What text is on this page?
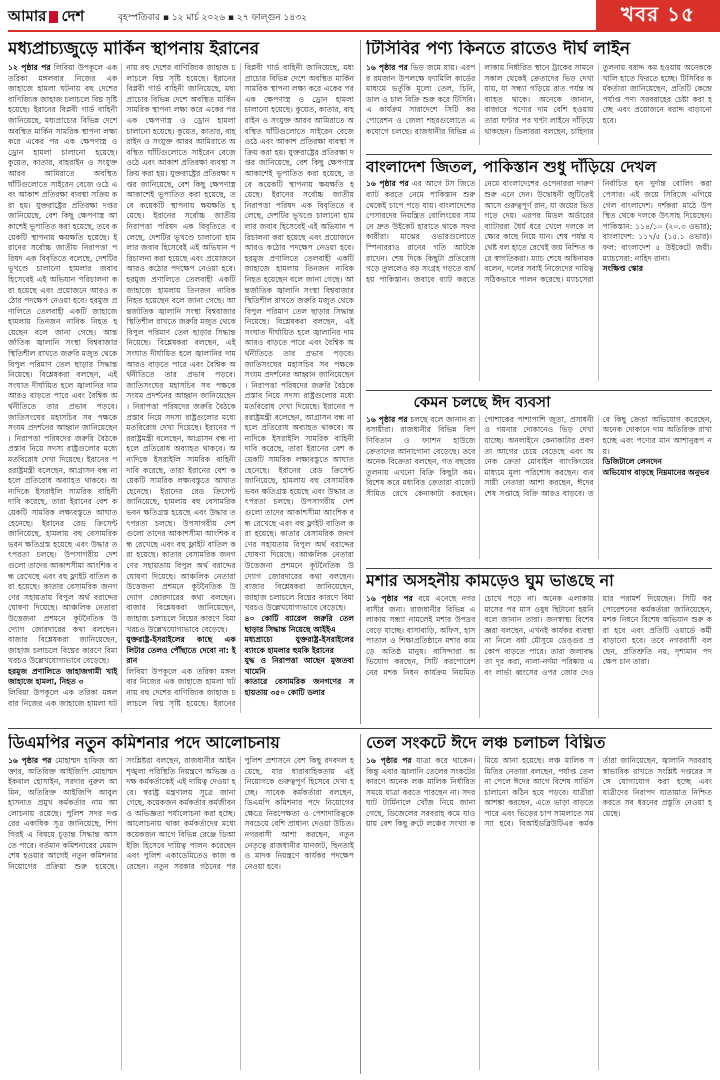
আমার দেশ	বৃহস্পতিবার ▪ ১২ মার্চ ২০২৬ ▪ ২৭ ফাল্গুন ১৪৩২	খবর ১৫
মধ্যপ্রাচ্যজুড়ে মার্কিন স্থাপনায় ইরানের
১২ পৃষ্ঠার পর লিবিয়া উপকূলে এক তরিকা মঙ্গলবার নিজের এক জাহাজে হামলা ঘটনায় বহু দেশের বাণিজ্যিক জাহাজ চলাচলে বিঘ্ন সৃষ্টি হয়েছে। ইরানের বিপ্লবী গার্ড বাহিনী জানিয়েছে, মধ্যপ্রাচ্যের বিভিন্ন দেশে অবস্থিত মার্কিন সামরিক স্থাপনা লক্ষ্য করে একের পর এক ক্ষেপণাস্ত্র ও ড্রোন হামলা চালানো হয়েছে। কুয়েত, কাতার, বাহরাইন ও সংযুক্ত আরব আমিরাতে অবস্থিত ঘাঁটিগুলোতে সাইরেন বেজে ওঠে এবং আকাশ প্রতিরক্ষা ব্যবস্থা সক্রিয় করা হয়। যুক্তরাষ্ট্রের প্রতিরক্ষা দপ্তর জানিয়েছে, বেশ কিছু ক্ষেপণাস্ত্র আকাশেই ভূপাতিত করা হয়েছে, তবে কয়েকটি স্থাপনায় ক্ষয়ক্ষতি হয়েছে। ইরানের সর্বোচ্চ জাতীয় নিরাপত্তা পরিষদ এক বিবৃতিতে বলেছে, দেশটির ভূখণ্ডে চালানো হামলার জবাব হিসেবেই এই অভিযান পরিচালনা করা হয়েছে এবং প্রয়োজনে আরও কঠোর পদক্ষেপ নেওয়া হবে। হরমুজ প্রণালিতে তেলবাহী একটি জাহাজে হামলায় তিনজন নাবিক নিহত হয়েছেন বলে জানা গেছে। আন্তর্জাতিক জ্বালানি সংস্থা বিশ্ববাজার স্থিতিশীল রাখতে জরুরি মজুত থেকে বিপুল পরিমাণ তেল ছাড়ার সিদ্ধান্ত নিয়েছে। বিশ্লেষকরা বলছেন, এই সংঘাত দীর্ঘায়িত হলে জ্বালানির দাম আরও বাড়তে পারে এবং বৈশ্বিক অর্থনীতিতে তার প্রভাব পড়বে। জাতিসংঘের মহাসচিব সব পক্ষকে সংযম প্রদর্শনের আহ্বান জানিয়েছেন। নিরাপত্তা পরিষদের জরুরি বৈঠকে প্রস্তাব নিয়ে সদস্য রাষ্ট্রগুলোর মধ্যে মতবিরোধ দেখা দিয়েছে। ইরানের পররাষ্ট্রমন্ত্রী বলেছেন, আগ্রাসন বন্ধ না হলে প্রতিরোধ অব্যাহত থাকবে। অন্যদিকে ইসরাইলি সামরিক বাহিনী দাবি করেছে, তারা ইরানের বেশ কয়েকটি সামরিক লক্ষ্যবস্তুতে আঘাত হেনেছে। ইরানের রেড ক্রিসেন্ট জানিয়েছে, হামলায় বহু বেসামরিক ভবন ক্ষতিগ্রস্ত হয়েছে এবং উদ্ধার তৎপরতা চলছে। উপসাগরীয় দেশগুলো তাদের আকাশসীমা আংশিক বন্ধ রেখেছে এবং বহু ফ্লাইট বাতিল করা হয়েছে। কাতার বেসামরিক জনগণের সহায়তায় বিপুল অর্থ বরাদ্দের ঘোষণা দিয়েছে। আঞ্চলিক নেতারা উত্তেজনা প্রশমনে কূটনৈতিক উদ্যোগ জোরদারের কথা বলছেন। বাজার বিশ্লেষকরা জানিয়েছেন, জাহাজ চলাচলে বিঘ্নের কারণে বিমা খরচও উল্লেখযোগ্যভাবে বেড়েছে।
হরমুজ প্রণালিতে জাহাজগামী খাই জাহাজে হামলা, নিহত ৩
লিবিয়া উপকূলে এক তরিকা মঙ্গলবার নিজের এক জাহাজে হামলা ঘটনায় বহু দেশের বাণিজ্যিক জাহাজ চলাচলে বিঘ্ন সৃষ্টি হয়েছে। ইরানের বিপ্লবী গার্ড বাহিনী জানিয়েছে, মধ্যপ্রাচ্যের বিভিন্ন দেশে অবস্থিত মার্কিন সামরিক স্থাপনা লক্ষ্য করে একের পর এক ক্ষেপণাস্ত্র ও ড্রোন হামলা চালানো হয়েছে। কুয়েত, কাতার, বাহরাইন ও সংযুক্ত আরব আমিরাতে অবস্থিত ঘাঁটিগুলোতে সাইরেন বেজে ওঠে এবং আকাশ প্রতিরক্ষা ব্যবস্থা সক্রিয় করা হয়। যুক্তরাষ্ট্রের প্রতিরক্ষা দপ্তর জানিয়েছে, বেশ কিছু ক্ষেপণাস্ত্র আকাশেই ভূপাতিত করা হয়েছে, তবে কয়েকটি স্থাপনায় ক্ষয়ক্ষতি হয়েছে। ইরানের সর্বোচ্চ জাতীয় নিরাপত্তা পরিষদ এক বিবৃতিতে বলেছে, দেশটির ভূখণ্ডে চালানো হামলার জবাব হিসেবেই এই অভিযান পরিচালনা করা হয়েছে এবং প্রয়োজনে আরও কঠোর পদক্ষেপ নেওয়া হবে। হরমুজ প্রণালিতে তেলবাহী একটি জাহাজে হামলায় তিনজন নাবিক নিহত হয়েছেন বলে জানা গেছে। আন্তর্জাতিক জ্বালানি সংস্থা বিশ্ববাজার স্থিতিশীল রাখতে জরুরি মজুত থেকে বিপুল পরিমাণ তেল ছাড়ার সিদ্ধান্ত নিয়েছে। বিশ্লেষকরা বলছেন, এই সংঘাত দীর্ঘায়িত হলে জ্বালানির দাম আরও বাড়তে পারে এবং বৈশ্বিক অর্থনীতিতে তার প্রভাব পড়বে। জাতিসংঘের মহাসচিব সব পক্ষকে সংযম প্রদর্শনের আহ্বান জানিয়েছেন। নিরাপত্তা পরিষদের জরুরি বৈঠকে প্রস্তাব নিয়ে সদস্য রাষ্ট্রগুলোর মধ্যে মতবিরোধ দেখা দিয়েছে। ইরানের পররাষ্ট্রমন্ত্রী বলেছেন, আগ্রাসন বন্ধ না হলে প্রতিরোধ অব্যাহত থাকবে। অন্যদিকে ইসরাইলি সামরিক বাহিনী দাবি করেছে, তারা ইরানের বেশ কয়েকটি সামরিক লক্ষ্যবস্তুতে আঘাত হেনেছে। ইরানের রেড ক্রিসেন্ট জানিয়েছে, হামলায় বহু বেসামরিক ভবন ক্ষতিগ্রস্ত হয়েছে এবং উদ্ধার তৎপরতা চলছে। উপসাগরীয় দেশগুলো তাদের আকাশসীমা আংশিক বন্ধ রেখেছে এবং বহু ফ্লাইট বাতিল করা হয়েছে। কাতার বেসামরিক জনগণের সহায়তায় বিপুল অর্থ বরাদ্দের ঘোষণা দিয়েছে। আঞ্চলিক নেতারা উত্তেজনা প্রশমনে কূটনৈতিক উদ্যোগ জোরদারের কথা বলছেন। বাজার বিশ্লেষকরা জানিয়েছেন, জাহাজ চলাচলে বিঘ্নের কারণে বিমা খরচও উল্লেখযোগ্যভাবে বেড়েছে।
যুক্তরাষ্ট্র-ইসরাইলের কাছে এক লিটার তেলও পৌঁছাতে দেবো না: ইরান
লিবিয়া উপকূলে এক তরিকা মঙ্গলবার নিজের এক জাহাজে হামলা ঘটনায় বহু দেশের বাণিজ্যিক জাহাজ চলাচলে বিঘ্ন সৃষ্টি হয়েছে। ইরানের বিপ্লবী গার্ড বাহিনী জানিয়েছে, মধ্যপ্রাচ্যের বিভিন্ন দেশে অবস্থিত মার্কিন সামরিক স্থাপনা লক্ষ্য করে একের পর এক ক্ষেপণাস্ত্র ও ড্রোন হামলা চালানো হয়েছে। কুয়েত, কাতার, বাহরাইন ও সংযুক্ত আরব আমিরাতে অবস্থিত ঘাঁটিগুলোতে সাইরেন বেজে ওঠে এবং আকাশ প্রতিরক্ষা ব্যবস্থা সক্রিয় করা হয়। যুক্তরাষ্ট্রের প্রতিরক্ষা দপ্তর জানিয়েছে, বেশ কিছু ক্ষেপণাস্ত্র আকাশেই ভূপাতিত করা হয়েছে, তবে কয়েকটি স্থাপনায় ক্ষয়ক্ষতি হয়েছে। ইরানের সর্বোচ্চ জাতীয় নিরাপত্তা পরিষদ এক বিবৃতিতে বলেছে, দেশটির ভূখণ্ডে চালানো হামলার জবাব হিসেবেই এই অভিযান পরিচালনা করা হয়েছে এবং প্রয়োজনে আরও কঠোর পদক্ষেপ নেওয়া হবে। হরমুজ প্রণালিতে তেলবাহী একটি জাহাজে হামলায় তিনজন নাবিক নিহত হয়েছেন বলে জানা গেছে। আন্তর্জাতিক জ্বালানি সংস্থা বিশ্ববাজার স্থিতিশীল রাখতে জরুরি মজুত থেকে বিপুল পরিমাণ তেল ছাড়ার সিদ্ধান্ত নিয়েছে। বিশ্লেষকরা বলছেন, এই সংঘাত দীর্ঘায়িত হলে জ্বালানির দাম আরও বাড়তে পারে এবং বৈশ্বিক অর্থনীতিতে তার প্রভাব পড়বে। জাতিসংঘের মহাসচিব সব পক্ষকে সংযম প্রদর্শনের আহ্বান জানিয়েছেন। নিরাপত্তা পরিষদের জরুরি বৈঠকে প্রস্তাব নিয়ে সদস্য রাষ্ট্রগুলোর মধ্যে মতবিরোধ দেখা দিয়েছে। ইরানের পররাষ্ট্রমন্ত্রী বলেছেন, আগ্রাসন বন্ধ না হলে প্রতিরোধ অব্যাহত থাকবে। অন্যদিকে ইসরাইলি সামরিক বাহিনী দাবি করেছে, তারা ইরানের বেশ কয়েকটি সামরিক লক্ষ্যবস্তুতে আঘাত হেনেছে। ইরানের রেড ক্রিসেন্ট জানিয়েছে, হামলায় বহু বেসামরিক ভবন ক্ষতিগ্রস্ত হয়েছে এবং উদ্ধার তৎপরতা চলছে। উপসাগরীয় দেশগুলো তাদের আকাশসীমা আংশিক বন্ধ রেখেছে এবং বহু ফ্লাইট বাতিল করা হয়েছে। কাতার বেসামরিক জনগণের সহায়তায় বিপুল অর্থ বরাদ্দের ঘোষণা দিয়েছে। আঞ্চলিক নেতারা উত্তেজনা প্রশমনে কূটনৈতিক উদ্যোগ জোরদারের কথা বলছেন। বাজার বিশ্লেষকরা জানিয়েছেন, জাহাজ চলাচলে বিঘ্নের কারণে বিমা খরচও উল্লেখযোগ্যভাবে বেড়েছে।
৪০ কোটি ব্যারেল জরুরি তেল ছাড়ার সিদ্ধান্ত নিয়েছে আইইএ
মধ্যপ্রাচ্যে যুক্তরাষ্ট্র-ইসরাইলের ব্যাংকে হামলার হুমকি ইরানের
যুদ্ধ ও নিরাপত্তা আছেন মুজতবা খামেনি
কাতারে বেসামরিক জনগণের সহায়তায় ৩৫০ কোটি ডলার
টিসিবির পণ্য কিনতে রাতেও দীর্ঘ লাইন
১৬ পৃষ্ঠার পর ভিড় জমে যায়। এরপর রমজান উপলক্ষে ফ্যামিলি কার্ডের মাধ্যমে ভর্তুকি মূল্যে তেল, চিনি, ডাল ও চাল বিক্রি শুরু করে টিসিবি। এ কার্যক্রম সারাদেশে সিটি করপোরেশন ও জেলা শহরগুলোতে একযোগে চলছে। রাজধানীর বিভিন্ন এলাকায় নির্ধারিত স্থানে ট্রাকের সামনে সকাল থেকেই ক্রেতাদের ভিড় দেখা যায়, যা সন্ধ্যা গড়িয়ে রাত পর্যন্ত অব্যাহত থাকে। অনেকে জানান, বাজারে পণ্যের দাম বেশি হওয়ায় তারা ঘণ্টার পর ঘণ্টা লাইনে দাঁড়িয়ে থাকছেন। ডিলাররা বলছেন, চাহিদার তুলনায় বরাদ্দ কম হওয়ায় অনেককে খালি হাতে ফিরতে হচ্ছে। টিসিবির কর্মকর্তারা জানিয়েছেন, প্রতিটি কেন্দ্রে পর্যাপ্ত পণ্য সরবরাহের চেষ্টা করা হচ্ছে এবং প্রয়োজনে বরাদ্দ বাড়ানো হবে।
বাংলাদেশ জিতল, পাকিস্তান শুধু দাঁড়িয়ে দেখল
১৬ পৃষ্ঠার পর এর আগে টস জিতে ব্যাট করতে নেমে পাকিস্তান শুরু থেকেই চাপে পড়ে যায়। বাংলাদেশের পেসারদের নিয়ন্ত্রিত বোলিংয়ের সামনে দ্রুত উইকেট হারাতে থাকে সফরকারীরা। মাঝের ওভারগুলোতে স্পিনাররাও রানের গতি আটকে রাখেন। শেষ দিকে কিছুটা প্রতিরোধ গড়ে তুললেও বড় সংগ্রহ গড়তে ব্যর্থ হয় পাকিস্তান। জবাবে ব্যাট করতে নেমে বাংলাদেশের ওপেনাররা দারুণ শুরু এনে দেন। উদ্বোধনী জুটিতেই আসে গুরুত্বপূর্ণ রান, যা জয়ের ভিত গড়ে দেয়। এরপর মিডল অর্ডারের ব্যাটাররা ধৈর্য ধরে খেলে দলকে লক্ষ্যের কাছে নিয়ে যান। শেষ পর্যন্ত যথেষ্ট বল হাতে রেখেই জয় নিশ্চিত করে স্বাগতিকরা। ম্যাচ শেষে অধিনায়ক বলেন, দলের সবাই নিজেদের দায়িত্ব সঠিকভাবে পালন করেছে। ম্যাচসেরা নির্বাচিত হন দুর্দান্ত বোলিং করা পেসার। এই জয়ে সিরিজে এগিয়ে গেল বাংলাদেশ। দর্শকরা মাঠে উপস্থিত থেকে দলকে উৎসাহ দিয়েছেন। পাকিস্তান: ১১৪/১০ (২০.৩ ওভার); বাংলাদেশ: ১১৭/৫ (১৫.১ ওভার)। ফল: বাংলাদেশ ৫ উইকেটে জয়ী। ম্যাচসেরা: নাহিদ রানা।
সংক্ষিপ্ত স্কোর
কেমন চলছে ঈদ ব্যবসা
১৬ পৃষ্ঠার পর চলছে বলে জানান ব্যবসায়ীরা। রাজধানীর বিভিন্ন বিপণিবিতান ও ফ্যাশন হাউজে ক্রেতাদের আনাগোনা বেড়েছে। তবে অনেক বিক্রেতা বলছেন, গত বছরের তুলনায় এখনো বিক্রি কিছুটা কম। বিশেষ করে মধ্যবিত্ত ক্রেতারা বাজেট সীমিত রেখে কেনাকাটা করছেন। পোশাকের পাশাপাশি জুতা, প্রসাধনী ও গয়নার দোকানেও ভিড় দেখা যাচ্ছে। অনলাইনে কেনাকাটার প্রবণতা আগের চেয়ে বেড়েছে এবং অনেক ক্রেতা মোবাইল ব্যাংকিংয়ের মাধ্যমে মূল্য পরিশোধ করছেন। ব্যবসায়ী নেতারা আশা করছেন, ঈদের শেষ সপ্তাহে বিক্রি আরও বাড়বে। তবে কিছু ক্রেতা অভিযোগ করেছেন, অনেক দোকানে দাম অতিরিক্ত রাখা হচ্ছে এবং পণ্যের মান আশানুরূপ নয়।
ডিজিটালে লেনদেন
অভিযোগ বাড়ছে নিম্নমানের অনুভব
মশার অসহনীয় কামড়েও ঘুম ভাঙছে না
১৬ পৃষ্ঠার পর বয়ে এনেছে নগরবাসীর জন্য। রাজধানীর বিভিন্ন এলাকায় সন্ধ্যা নামলেই মশার উপদ্রব বেড়ে যাচ্ছে। বাসাবাড়ি, অফিস, হাসপাতাল ও শিক্ষাপ্রতিষ্ঠানে মশার কামড়ে অতিষ্ঠ মানুষ। বাসিন্দারা অভিযোগ করছেন, সিটি করপোরেশনের মশক নিধন কার্যক্রম নিয়মিত চোখে পড়ে না। অনেক এলাকায় মাসের পর মাস ওষুধ ছিটানো হয়নি বলে জানান তারা। জনস্বাস্থ্য বিশেষজ্ঞরা বলছেন, এখনই কার্যকর ব্যবস্থা না নিলে বর্ষা মৌসুমে ডেঙ্গুর প্রকোপ বাড়তে পারে। তারা জলাবদ্ধতা দূর করা, নালা-নর্দমা পরিষ্কার এবং লার্ভা ধ্বংসের ওপর জোর দেওয়ার পরামর্শ দিয়েছেন। সিটি করপোরেশনের কর্মকর্তারা জানিয়েছেন, মশক নিধনে বিশেষ অভিযান শুরু করা হবে এবং প্রতিটি ওয়ার্ডে কর্মী বাড়ানো হবে। তবে নগরবাসী বলছেন, প্রতিশ্রুতি নয়, দৃশ্যমান পদক্ষেপ চান তারা।
ডিএমপির নতুন কমিশনার পদে আলোচনায়
১৬ পৃষ্ঠার পর মোহাম্মদ হাফিজ আক্তার, অতিরিক্ত আইজিপি মোহাম্মদ ইকবাল হোসাইন, সরদার নুরুল আমিন, অতিরিক্ত আইজিপি আবুল হাসনাত প্রমুখ কর্মকর্তার নাম আলোচনায় রয়েছে। পুলিশ সদর দপ্তরের একাধিক সূত্র জানিয়েছে, শিগগিরই এ বিষয়ে চূড়ান্ত সিদ্ধান্ত আসতে পারে। বর্তমান কমিশনারের মেয়াদ শেষ হওয়ার আগেই নতুন কমিশনার নিয়োগের প্রক্রিয়া শুরু হয়েছে। সংশ্লিষ্টরা বলছেন, রাজধানীর আইনশৃঙ্খলা পরিস্থিতি নিয়ন্ত্রণে অভিজ্ঞ ও দক্ষ কর্মকর্তাকেই এই দায়িত্ব দেওয়া হবে। স্বরাষ্ট্র মন্ত্রণালয় সূত্রে জানা গেছে, কয়েকজন কর্মকর্তার কর্মজীবন ও অভিজ্ঞতা পর্যালোচনা করা হচ্ছে। আলোচনায় থাকা কর্মকর্তাদের মধ্যে কয়েকজন আগে বিভিন্ন রেঞ্জে ডিআইজি হিসেবে দায়িত্ব পালন করেছেন এবং পুলিশ একাডেমিতেও কাজ করেছেন। নতুন সরকার গঠনের পর পুলিশ প্রশাসনে বেশ কিছু রদবদল হয়েছে, যার ধারাবাহিকতায় এই নিয়োগকে গুরুত্বপূর্ণ হিসেবে দেখা হচ্ছে। সাবেক কর্মকর্তারা বলছেন, ডিএমপি কমিশনার পদে নিয়োগের ক্ষেত্রে নিরপেক্ষতা ও পেশাদারিত্বকে সবচেয়ে বেশি প্রাধান্য দেওয়া উচিত। নগরবাসী আশা করছেন, নতুন নেতৃত্বে রাজধানীর যানজট, ছিনতাই ও মাদক নিয়ন্ত্রণে কার্যকর পদক্ষেপ নেওয়া হবে।
তেল সংকটে ঈদে লঞ্চ চলাচল বিঘ্নিত
১৬ পৃষ্ঠার পর যাত্রা করে থাকেন। কিন্তু এবার জ্বালানি তেলের সংকটের কারণে অনেক লঞ্চ মালিক নির্ধারিত সময়ে যাত্রা করতে পারছেন না। সদরঘাট টার্মিনালে খোঁজ নিয়ে জানা গেছে, ডিজেলের সরবরাহ কমে যাওয়ায় বেশ কিছু রুটে লঞ্চের সংখ্যা কমিয়ে আনা হয়েছে। লঞ্চ মালিক সমিতির নেতারা বলছেন, পর্যাপ্ত তেল না পেলে ঈদের আগে বিশেষ সার্ভিস চালানো কঠিন হয়ে পড়বে। যাত্রীরা আশঙ্কা করছেন, এতে ভাড়া বাড়তে পারে এবং ভিড়ের চাপ সামলাতে সমস্যা হবে। বিআইডব্লিউটিএর কর্মকর্তারা জানিয়েছেন, জ্বালানি সরবরাহ স্বাভাবিক রাখতে সংশ্লিষ্ট দপ্তরের সঙ্গে যোগাযোগ করা হচ্ছে এবং যাত্রীদের নিরাপদ যাতায়াত নিশ্চিত করতে সব ধরনের প্রস্তুতি নেওয়া হয়েছে।
